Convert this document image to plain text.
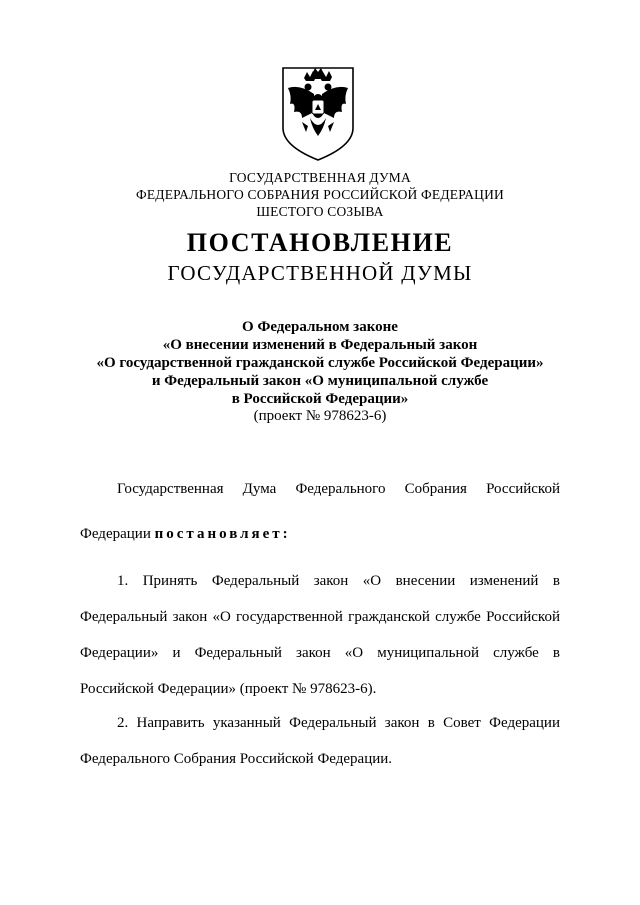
ГОСУДАРСТВЕННАЯ ДУМА
ФЕДЕРАЛЬНОГО СОБРАНИЯ РОССИЙСКОЙ ФЕДЕРАЦИИ
ШЕСТОГО СОЗЫВА
ПОСТАНОВЛЕНИЕ
ГОСУДАРСТВЕННОЙ ДУМЫ
О Федеральном законе
«О внесении изменений в Федеральный закон
«О государственной гражданской службе Российской Федерации»
и Федеральный закон «О муниципальной службе
в Российской Федерации»
(проект № 978623-6)
Государственная Дума Федерального Собрания Российской
Федерации постановляет:
1. Принять Федеральный закон «О внесении изменений в
Федеральный закон «О государственной гражданской службе Российской
Федерации» и Федеральный закон «О муниципальной службе в
Российской Федерации» (проект № 978623-6).
2. Направить указанный Федеральный закон в Совет Федерации
Федерального Собрания Российской Федерации.
